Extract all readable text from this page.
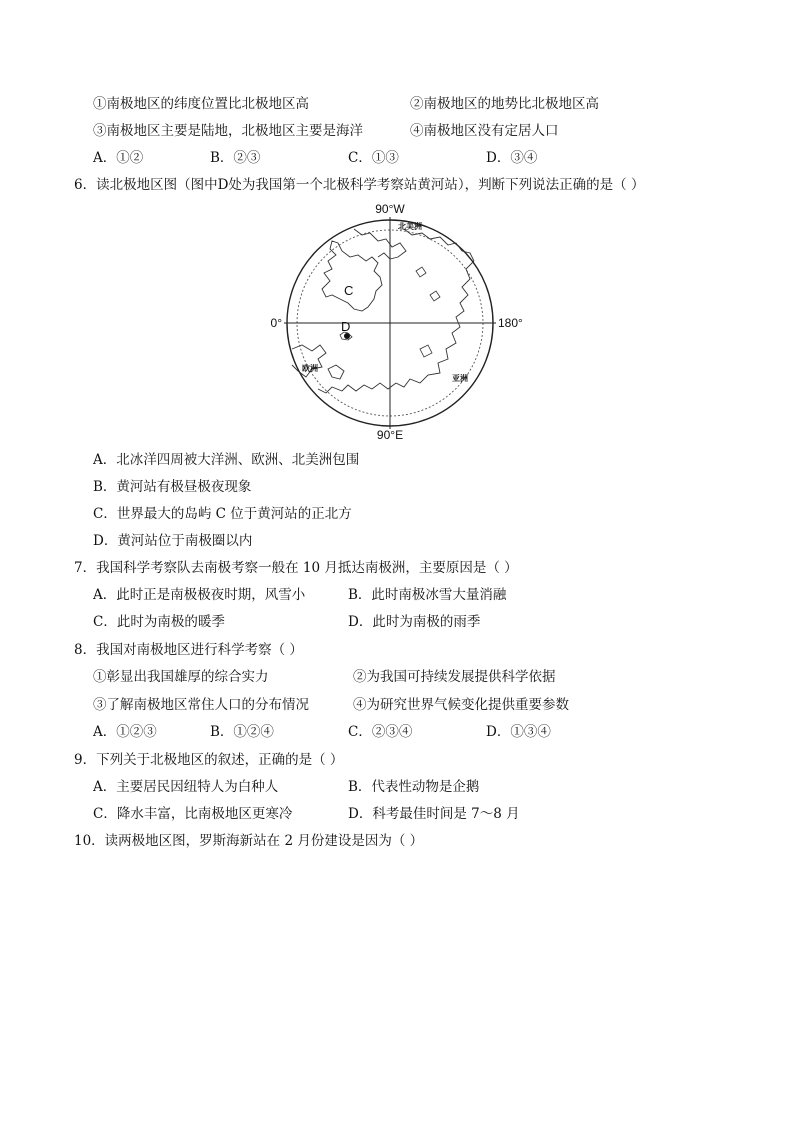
①南极地区的纬度位置比北极地区高	②南极地区的地势比北极地区高
③南极地区主要是陆地，北极地区主要是海洋	④南极地区没有定居人口
A．①②	B．②③	C．①③	D．③④
6．读北极地区图（图中D处为我国第一个北极科学考察站黄河站），判断下列说法正确的是（ ）
90°W
90°E
0°	180°
C
D
北美洲
欧洲
亚洲
A．北冰洋四周被大洋洲、欧洲、北美洲包围
B．黄河站有极昼极夜现象
C．世界最大的岛屿 C 位于黄河站的正北方
D．黄河站位于南极圈以内
7．我国科学考察队去南极考察一般在 10 月抵达南极洲，主要原因是（ ）
A．此时正是南极极夜时期，风雪小	B．此时南极冰雪大量消融
C．此时为南极的暖季	D．此时为南极的雨季
8．我国对南极地区进行科学考察（ ）
①彰显出我国雄厚的综合实力	②为我国可持续发展提供科学依据
③了解南极地区常住人口的分布情况	④为研究世界气候变化提供重要参数
A．①②③	B．①②④	C．②③④	D．①③④
9．下列关于北极地区的叙述，正确的是（ ）
A．主要居民因纽特人为白种人	B．代表性动物是企鹅
C．降水丰富，比南极地区更寒冷	D．科考最佳时间是 7～8 月
10．读两极地区图，罗斯海新站在 2 月份建设是因为（ ）
